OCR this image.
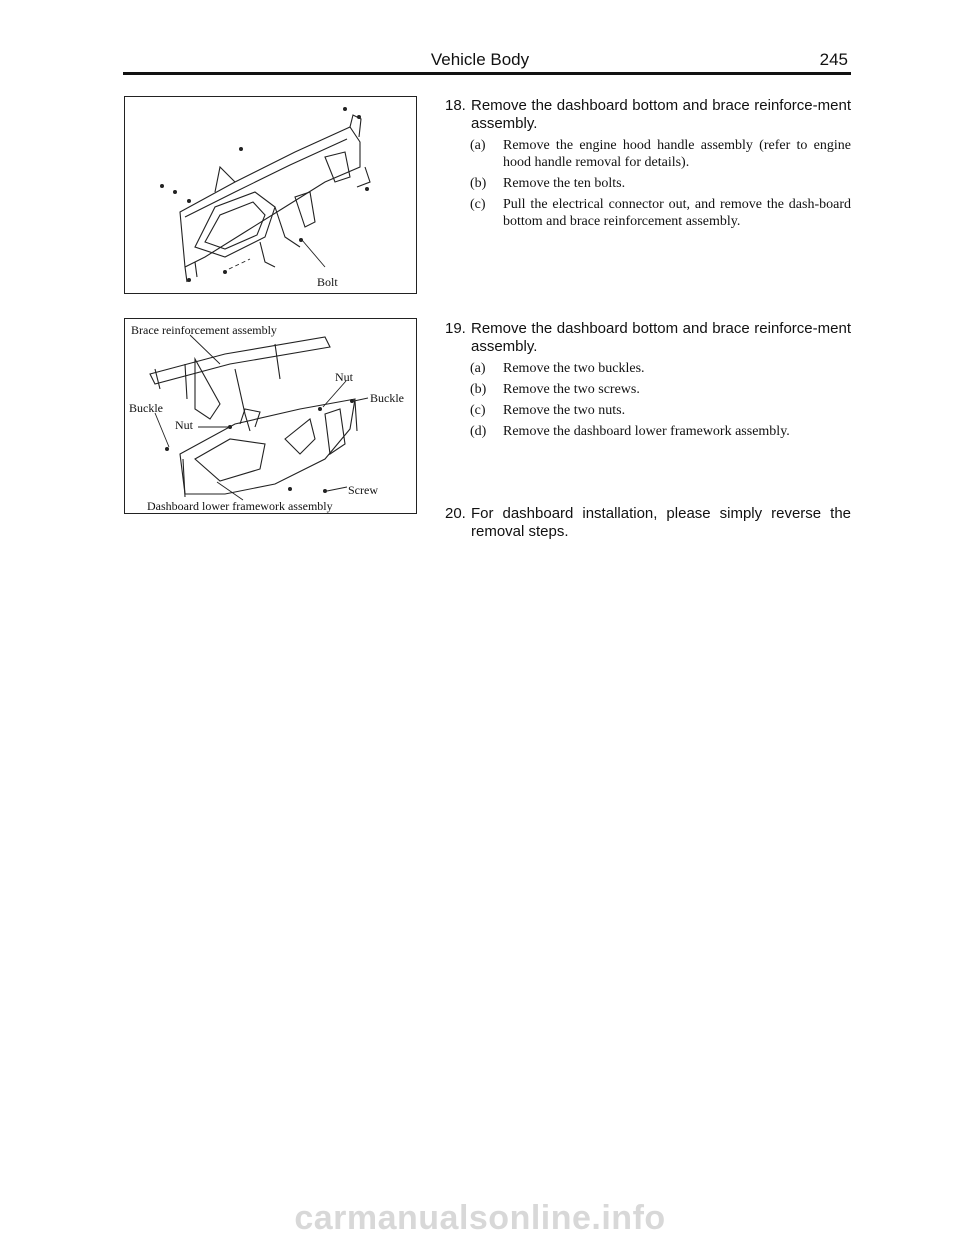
Vehicle Body	245
Bolt
Brace reinforcement assembly
Nut
Buckle
Buckle
Nut
Screw
Dashboard lower framework assembly
18. Remove the dashboard bottom and brace reinforce-ment assembly.
(a)	Remove the engine hood handle assembly (refer to engine hood handle removal for details).
(b)	Remove the ten bolts.
(c)	Pull the electrical connector out, and remove the dash-board bottom and brace reinforcement assembly.
19. Remove the dashboard bottom and brace reinforce-ment assembly.
(a)	Remove the two buckles.
(b)	Remove the two screws.
(c)	Remove the two nuts.
(d)	Remove the dashboard lower framework assembly.
20. For dashboard installation, please simply reverse the removal steps.
carmanualsonline.info
